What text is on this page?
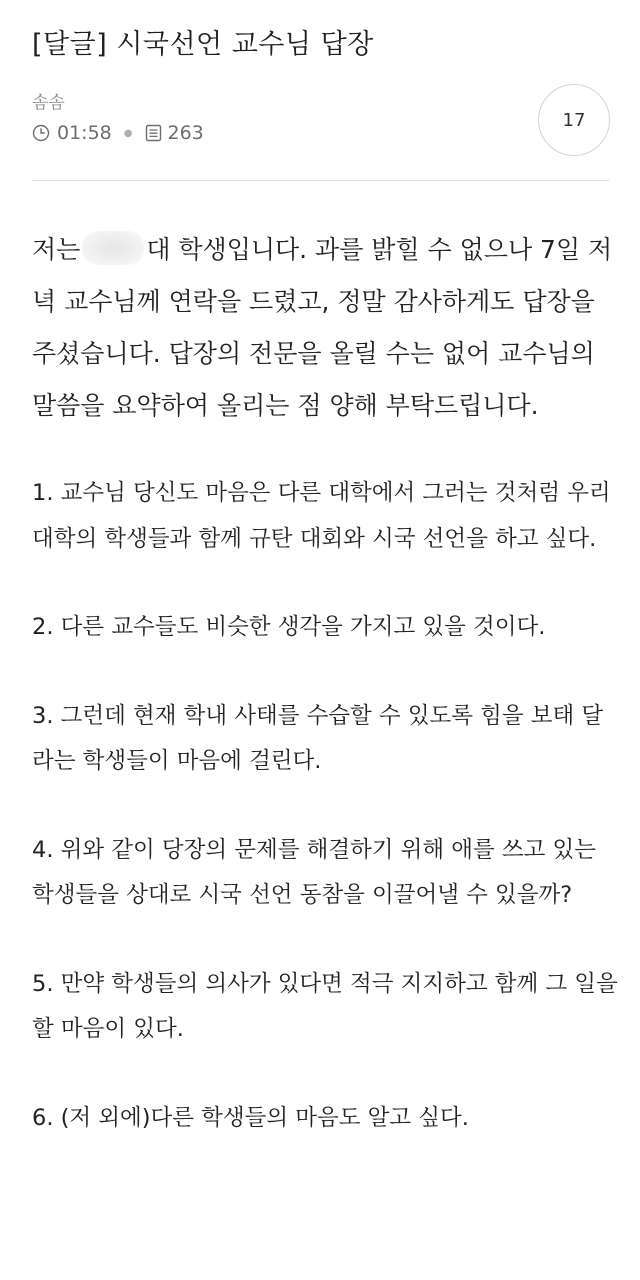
[달글] 시국선언 교수님 답장
솜솜
01:58 ● 263
17

저는	대 학생입니다. 과를 밝힐 수 없으나 7일 저녁 교수님께 연락을 드렸고, 정말 감사하게도 답장을 주셨습니다. 답장의 전문을 올릴 수는 없어 교수님의 말씀을 요약하여 올리는 점 양해 부탁드립니다.

1. 교수님 당신도 마음은 다른 대학에서 그러는 것처럼 우리 대학의 학생들과 함께 규탄 대회와 시국 선언을 하고 싶다.

2. 다른 교수들도 비슷한 생각을 가지고 있을 것이다.

3. 그런데 현재 학내 사태를 수습할 수 있도록 힘을 보태 달라는 학생들이 마음에 걸린다.

4. 위와 같이 당장의 문제를 해결하기 위해 애를 쓰고 있는 학생들을 상대로 시국 선언 동참을 이끌어낼 수 있을까?

5. 만약 학생들의 의사가 있다면 적극 지지하고 함께 그 일을 할 마음이 있다.

6. (저 외에)다른 학생들의 마음도 알고 싶다.
